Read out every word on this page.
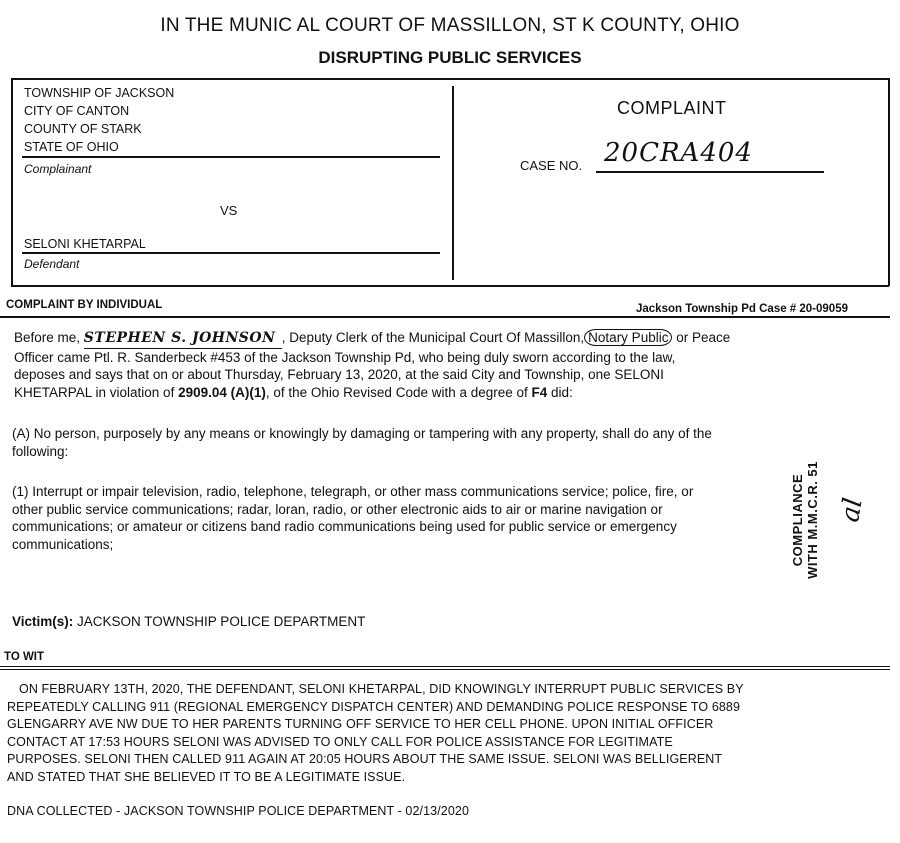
IN THE MUNIC AL COURT OF MASSILLON, ST K COUNTY, OHIO
DISRUPTING PUBLIC SERVICES
TOWNSHIP OF JACKSON
CITY OF CANTON
COUNTY OF STARK
STATE OF OHIO
Complainant
VS
SELONI KHETARPAL
Defendant
COMPLAINT
CASE NO. 20CRA404
COMPLAINT BY INDIVIDUAL	Jackson Township Pd Case # 20-09059
Before me, STEPHEN S. JOHNSON , Deputy Clerk of the Municipal Court Of Massillon, Notary Public or Peace
Officer came Ptl. R. Sanderbeck #453 of the Jackson Township Pd, who being duly sworn according to the law,
deposes and says that on or about Thursday, February 13, 2020, at the said City and Township, one SELONI
KHETARPAL in violation of 2909.04 (A)(1), of the Ohio Revised Code with a degree of F4 did:
(A) No person, purposely by any means or knowingly by damaging or tampering with any property, shall do any of the
following:
(1) Interrupt or impair television, radio, telephone, telegraph, or other mass communications service; police, fire, or
other public service communications; radar, loran, radio, or other electronic aids to air or marine navigation or
communications; or amateur or citizens band radio communications being used for public service or emergency
communications;	COMPLIANCE WITH M.M.C.R. 51 al
Victim(s): JACKSON TOWNSHIP POLICE DEPARTMENT
TO WIT
ON FEBRUARY 13TH, 2020, THE DEFENDANT, SELONI KHETARPAL, DID KNOWINGLY INTERRUPT PUBLIC SERVICES BY
REPEATEDLY CALLING 911 (REGIONAL EMERGENCY DISPATCH CENTER) AND DEMANDING POLICE RESPONSE TO 6889
GLENGARRY AVE NW DUE TO HER PARENTS TURNING OFF SERVICE TO HER CELL PHONE. UPON INITIAL OFFICER
CONTACT AT 17:53 HOURS SELONI WAS ADVISED TO ONLY CALL FOR POLICE ASSISTANCE FOR LEGITIMATE
PURPOSES. SELONI THEN CALLED 911 AGAIN AT 20:05 HOURS ABOUT THE SAME ISSUE. SELONI WAS BELLIGERENT
AND STATED THAT SHE BELIEVED IT TO BE A LEGITIMATE ISSUE.
DNA COLLECTED - JACKSON TOWNSHIP POLICE DEPARTMENT - 02/13/2020
